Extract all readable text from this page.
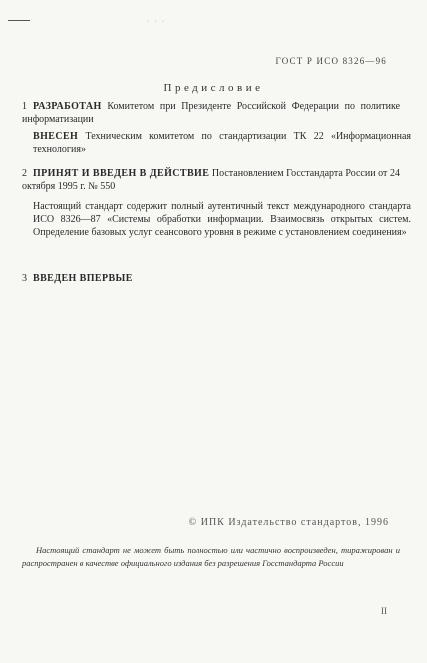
· · ·
ГОСТ Р ИСО 8326—96
Предисловие
1 РАЗРАБОТАН Комитетом при Президенте Российской Федерации по политике информатизации
ВНЕСЕН Техническим комитетом по стандартизации ТК 22 «Информационная технология»
2 ПРИНЯТ И ВВЕДЕН В ДЕЙСТВИЕ Постановлением Госстандарта России от 24 октября 1995 г. № 550
Настоящий стандарт содержит полный аутентичный текст международного стандарта ИСО 8326—87 «Системы обработки информации. Взаимосвязь открытых систем. Определение базовых услуг сеансового уровня в режиме с установлением соединения»
3 ВВЕДЕН ВПЕРВЫЕ
© ИПК Издательство стандартов, 1996
Настоящий стандарт не может быть полностью или частично воспроизведен, тиражирован и распространен в качестве официального издания без разрешения Госстандарта России
II
